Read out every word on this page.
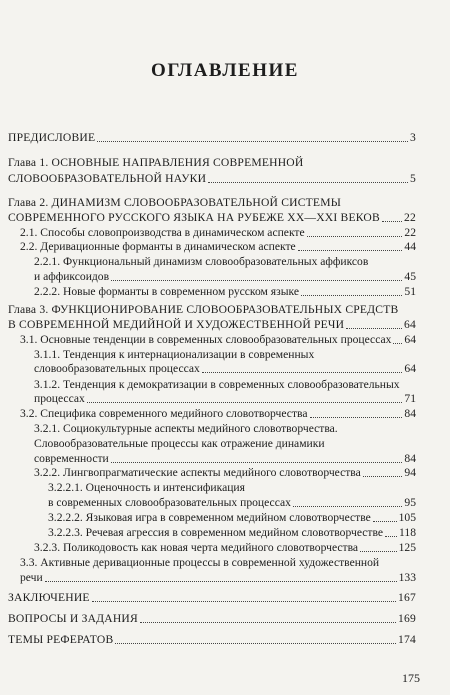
ОГЛАВЛЕНИЕ
ПРЕДИСЛОВИЕ	3
Глава 1. ОСНОВНЫЕ НАПРАВЛЕНИЯ СОВРЕМЕННОЙ
СЛОВООБРАЗОВАТЕЛЬНОЙ НАУКИ	5
Глава 2. ДИНАМИЗМ СЛОВООБРАЗОВАТЕЛЬНОЙ СИСТЕМЫ
СОВРЕМЕННОГО РУССКОГО ЯЗЫКА НА РУБЕЖЕ XX—XXI ВЕКОВ 22
2.1. Способы словопроизводства в динамическом аспекте	22
2.2. Деривационные форманты в динамическом аспекте	44
2.2.1. Функциональный динамизм словообразовательных аффиксов
и аффиксоидов	45
2.2.2. Новые форманты в современном русском языке	51
Глава 3. ФУНКЦИОНИРОВАНИЕ СЛОВООБРАЗОВАТЕЛЬНЫХ СРЕДСТВ
В СОВРЕМЕННОЙ МЕДИЙНОЙ И ХУДОЖЕСТВЕННОЙ РЕЧИ	64
3.1. Основные тенденции в современных словообразовательных процессах 64
3.1.1. Тенденция к интернационализации в современных
словообразовательных процессах	64
3.1.2. Тенденция к демократизации в современных словообразовательных
процессах	71
3.2. Специфика современного медийного словотворчества	84
3.2.1. Социокультурные аспекты медийного словотворчества.
Словообразовательные процессы как отражение динамики
современности	84
3.2.2. Лингвопрагматические аспекты медийного словотворчества	94
3.2.2.1. Оценочность и интенсификация
в современных словообразовательных процессах	95
3.2.2.2. Языковая игра в современном медийном словотворчестве 105
3.2.2.3. Речевая агрессия в современном медийном словотворчестве 118
3.2.3. Поликодовость как новая черта медийного словотворчества	125
3.3. Активные деривационные процессы в современной художественной
речи	133
ЗАКЛЮЧЕНИЕ	167
ВОПРОСЫ И ЗАДАНИЯ	169
ТЕМЫ РЕФЕРАТОВ	174
175
